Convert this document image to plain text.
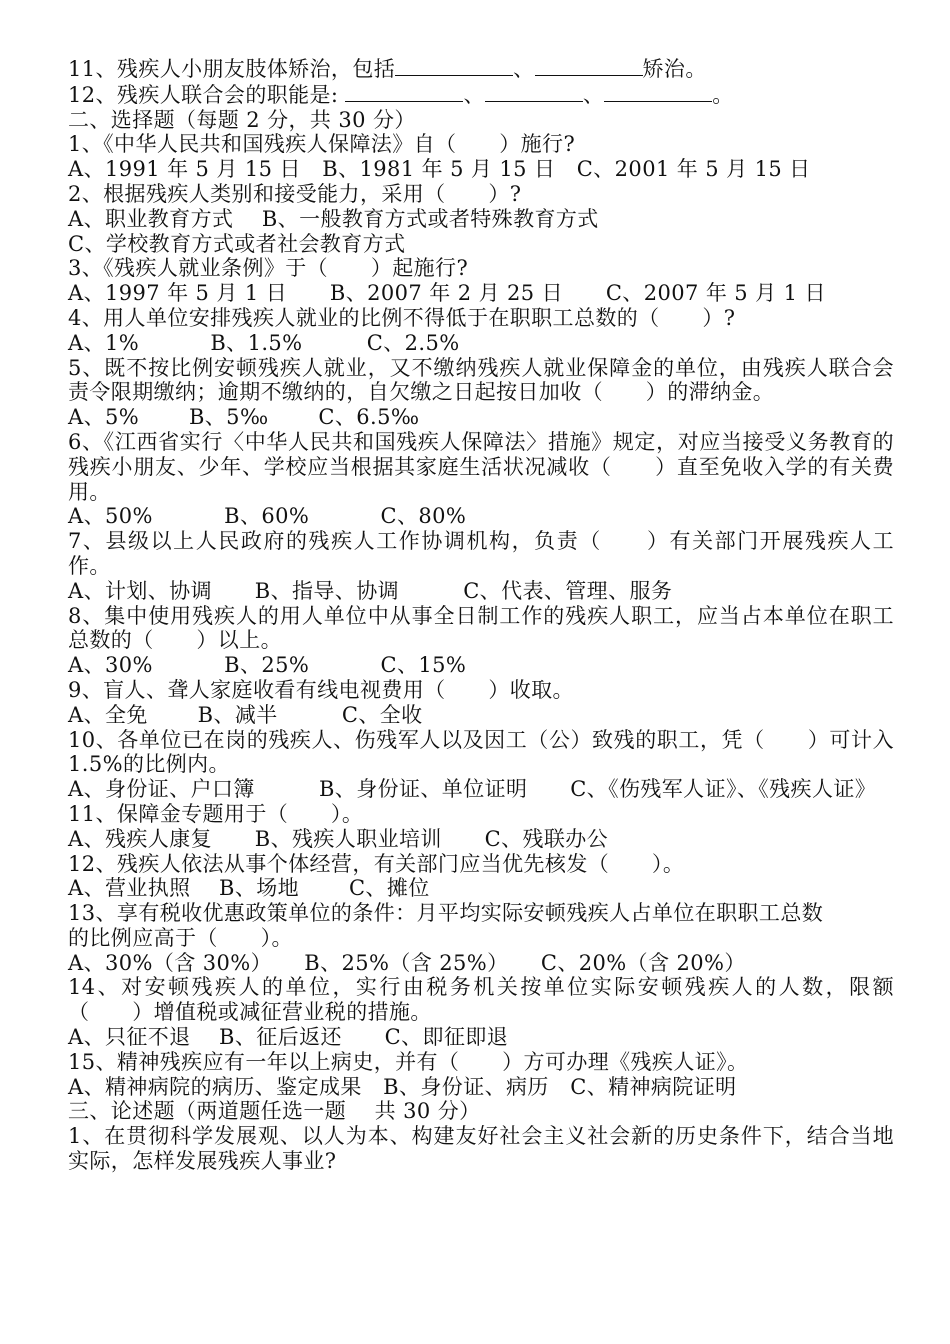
11、残疾人小朋友肢体矫治，包括	、	矫治。
12、残疾人联合会的职能是:	、	、	。
二、选择题（每题 2 分，共 30 分）
1、《中华人民共和国残疾人保障法》自（　　）施行?
A、1991 年 5 月 15 日　B、1981 年 5 月 15 日　C、2001 年 5 月 15 日
2、根据残疾人类别和接受能力，采用（　　）?
A、职业教育方式　 B、一般教育方式或者特殊教育方式
C、学校教育方式或者社会教育方式
3、《残疾人就业条例》于（　　）起施行?
A、1997 年 5 月 1 日　　B、2007 年 2 月 25 日　　C、2007 年 5 月 1 日
4、用人单位安排残疾人就业的比例不得低于在职职工总数的（　　）?
A、1%　　　 B、1.5%　　　C、2.5%
5、既不按比例安顿残疾人就业，又不缴纳残疾人就业保障金的单位，由残疾人联合会责令限期缴纳；逾期不缴纳的，自欠缴之日起按日加收（　　）的滞纳金。
A、5%　　 B、5‰　　 C、6.5‰
6、《江西省实行〈中华人民共和国残疾人保障法〉措施》规定，对应当接受义务教育的残疾小朋友、少年、学校应当根据其家庭生活状况减收（　　）直至免收入学的有关费用。
A、50%　　　 B、60%　　　 C、80%
7、县级以上人民政府的残疾人工作协调机构，负责（　　）有关部门开展残疾人工作。
A、计划、协调　　B、指导、协调　　　C、代表、管理、服务
8、集中使用残疾人的用人单位中从事全日制工作的残疾人职工，应当占本单位在职工总数的（　　）以上。
A、30%　　　 B、25%　　　 C、15%
9、盲人、聋人家庭收看有线电视费用（　　）收取。
A、全免　　 B、减半　　　C、全收
10、各单位已在岗的残疾人、伤残军人以及因工（公）致残的职工，凭（　　）可计入 1.5%的比例内。
A、身份证、户口簿　　　B、身份证、单位证明　　C、《伤残军人证》、《残疾人证》
11、保障金专题用于（　　）。
A、残疾人康复　　B、残疾人职业培训　　C、残联办公
12、残疾人依法从事个体经营，有关部门应当优先核发（　　）。
A、营业执照　 B、场地　　 C、摊位
13、享有税收优惠政策单位的条件：月平均实际安顿残疾人占单位在职职工总数
的比例应高于（　　）。
A、30%（含 30%）　　B、25%（含 25%）　　C、20%（含 20%）
14、对安顿残疾人的单位，实行由税务机关按单位实际安顿残疾人的人数，限额（　　）增值税或减征营业税的措施。
A、只征不退　 B、征后返还　　C、即征即退
15、精神残疾应有一年以上病史，并有（　　）方可办理《残疾人证》。
A、精神病院的病历、鉴定成果　B、身份证、病历　C、精神病院证明
三、论述题（两道题任选一题　 共 30 分）
1、在贯彻科学发展观、以人为本、构建友好社会主义社会新的历史条件下，结合当地实际，怎样发展残疾人事业?
